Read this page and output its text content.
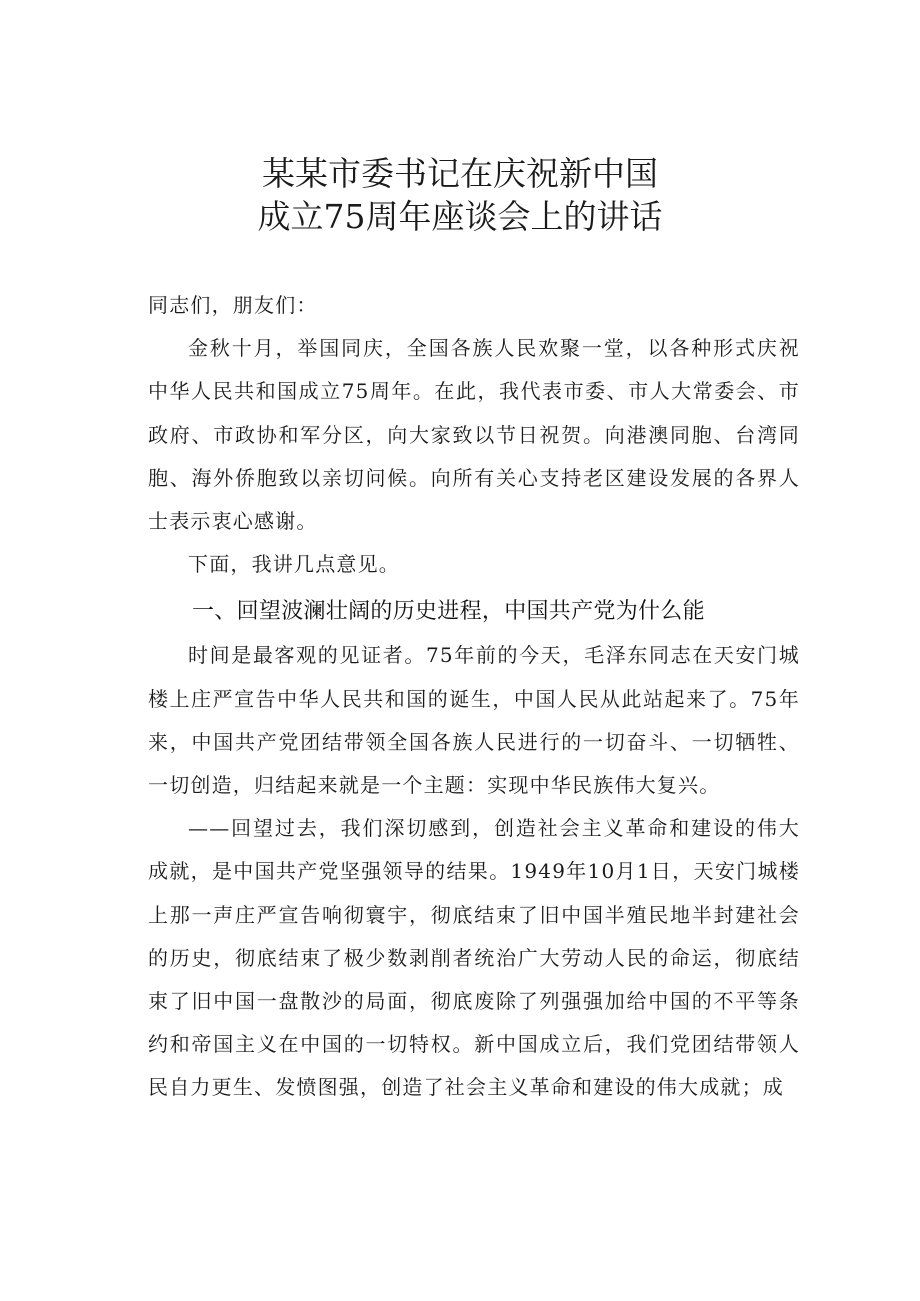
某某市委书记在庆祝新中国
成立75周年座谈会上的讲话

同志们，朋友们：

金秋十月，举国同庆，全国各族人民欢聚一堂，以各种形式庆祝中华人民共和国成立75周年。在此，我代表市委、市人大常委会、市政府、市政协和军分区，向大家致以节日祝贺。向港澳同胞、台湾同胞、海外侨胞致以亲切问候。向所有关心支持老区建设发展的各界人士表示衷心感谢。

下面，我讲几点意见。

一、回望波澜壮阔的历史进程，中国共产党为什么能

时间是最客观的见证者。75年前的今天，毛泽东同志在天安门城楼上庄严宣告中华人民共和国的诞生，中国人民从此站起来了。75年来，中国共产党团结带领全国各族人民进行的一切奋斗、一切牺牲、一切创造，归结起来就是一个主题：实现中华民族伟大复兴。

——回望过去，我们深切感到，创造社会主义革命和建设的伟大成就，是中国共产党坚强领导的结果。1949年10月1日，天安门城楼上那一声庄严宣告响彻寰宇，彻底结束了旧中国半殖民地半封建社会的历史，彻底结束了极少数剥削者统治广大劳动人民的命运，彻底结束了旧中国一盘散沙的局面，彻底废除了列强强加给中国的不平等条约和帝国主义在中国的一切特权。新中国成立后，我们党团结带领人民自力更生、发愤图强，创造了社会主义革命和建设的伟大成就；成
